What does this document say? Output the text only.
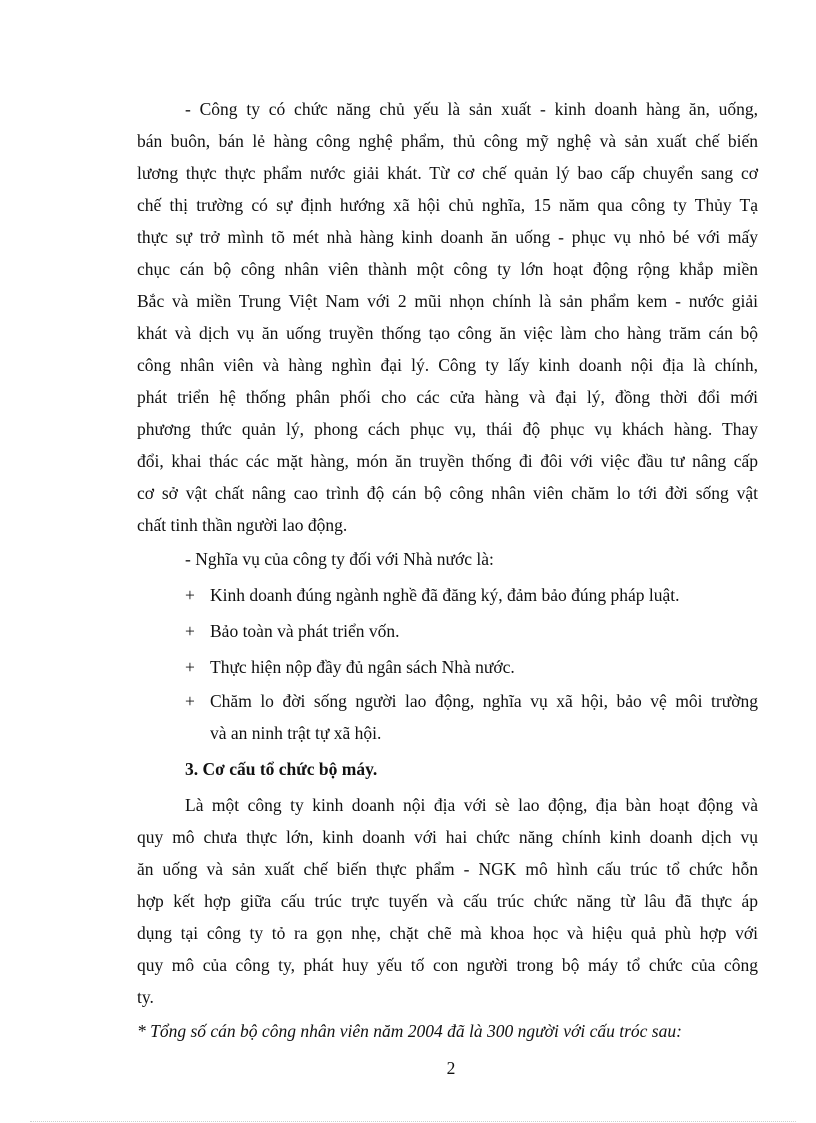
- Công ty có chức năng chủ yếu là sản xuất - kinh doanh hàng ăn, uống,
bán buôn, bán lẻ hàng công nghệ phẩm, thủ công mỹ nghệ và sản xuất chế biến
lương thực thực phẩm nước giải khát. Từ cơ chế quản lý bao cấp chuyển sang cơ
chế thị trường có sự định hướng xã hội chủ nghĩa, 15 năm qua công ty Thủy Tạ
thực sự trở mình tõ mét nhà hàng kinh doanh ăn uống - phục vụ nhỏ bé với mấy
chục cán bộ công nhân viên thành một công ty lớn hoạt động rộng khắp miền
Bắc và miền Trung Việt Nam với 2 mũi nhọn chính là sản phẩm kem - nước giải
khát và dịch vụ ăn uống truyền thống tạo công ăn việc làm cho hàng trăm cán bộ
công nhân viên và hàng nghìn đại lý. Công ty lấy kinh doanh nội địa là chính,
phát triển hệ thống phân phối cho các cửa hàng và đại lý, đồng thời đổi mới
phương thức quản lý, phong cách phục vụ, thái độ phục vụ khách hàng. Thay
đổi, khai thác các mặt hàng, món ăn truyền thống đi đôi với việc đầu tư nâng cấp
cơ sở vật chất nâng cao trình độ cán bộ công nhân viên chăm lo tới đời sống vật
chất tinh thần người lao động.
- Nghĩa vụ của công ty đối với Nhà nước là:
+ Kinh doanh đúng ngành nghề đã đăng ký, đảm bảo đúng pháp luật.
+ Bảo toàn và phát triển vốn.
+ Thực hiện nộp đầy đủ ngân sách Nhà nước.
+ Chăm lo đời sống người lao động, nghĩa vụ xã hội, bảo vệ môi trường
và an ninh trật tự xã hội.
3. Cơ cấu tổ chức bộ máy.
Là một công ty kinh doanh nội địa với sè lao động, địa bàn hoạt động và
quy mô chưa thực lớn, kinh doanh với hai chức năng chính kinh doanh dịch vụ
ăn uống và sản xuất chế biến thực phẩm - NGK mô hình cấu trúc tổ chức hỗn
hợp kết hợp giữa cấu trúc trực tuyến và cấu trúc chức năng từ lâu đã thực áp
dụng tại công ty tỏ ra gọn nhẹ, chặt chẽ mà khoa học và hiệu quả phù hợp với
quy mô của công ty, phát huy yếu tố con người trong bộ máy tổ chức của công
ty.
* Tổng số cán bộ công nhân viên năm 2004 đã là 300 người với cấu tróc sau:
2
